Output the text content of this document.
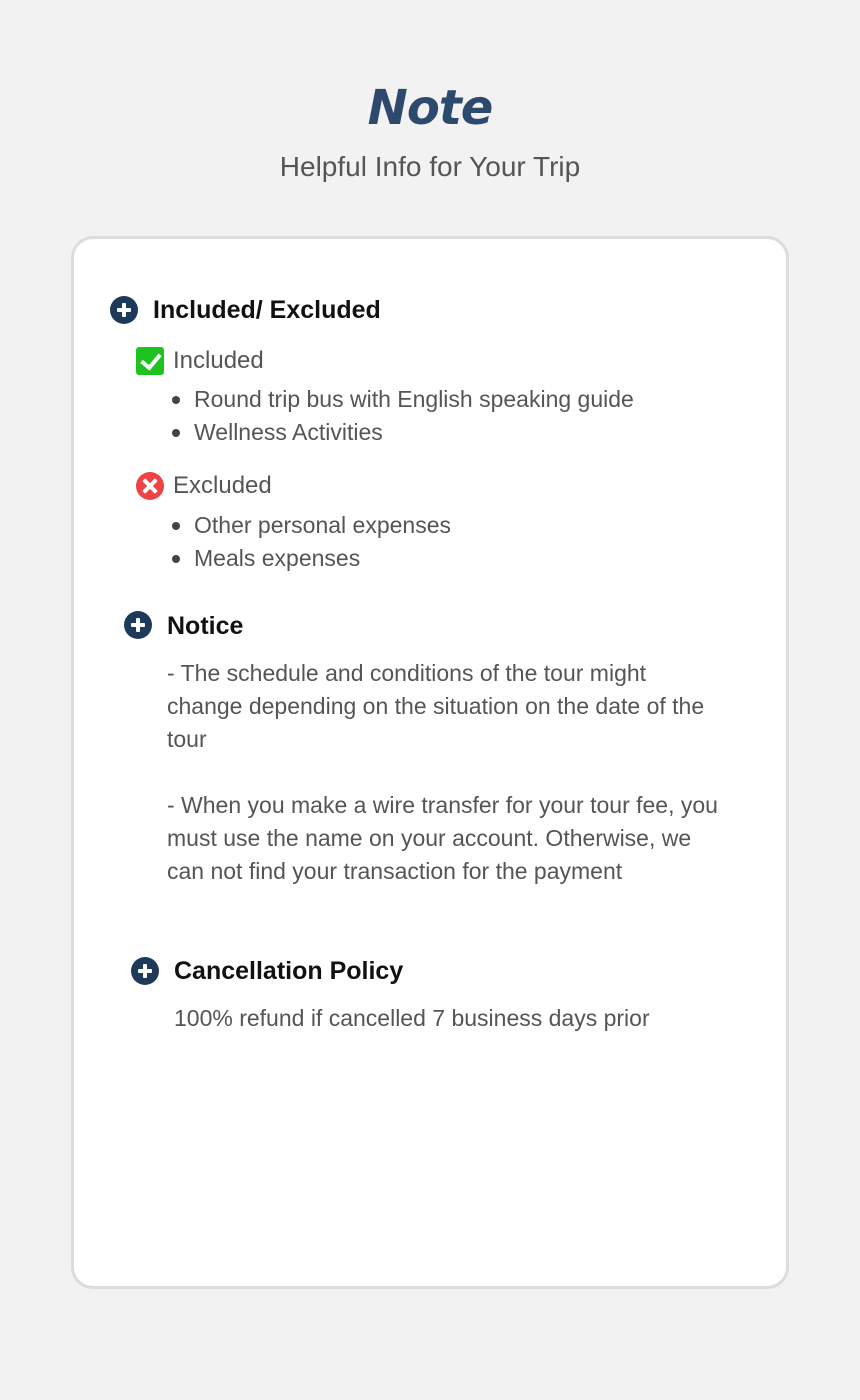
Note
Helpful Info for Your Trip
Included/ Excluded
Included
Round trip bus with English speaking guide
Wellness Activities
Excluded
Other personal expenses
Meals expenses
Notice

- The schedule and conditions of the tour might change depending on the situation on the date of the tour

- When you make a wire transfer for your tour fee, you must use the name on your account. Otherwise, we can not find your transaction for the payment

Cancellation Policy

100% refund if cancelled 7 business days prior
